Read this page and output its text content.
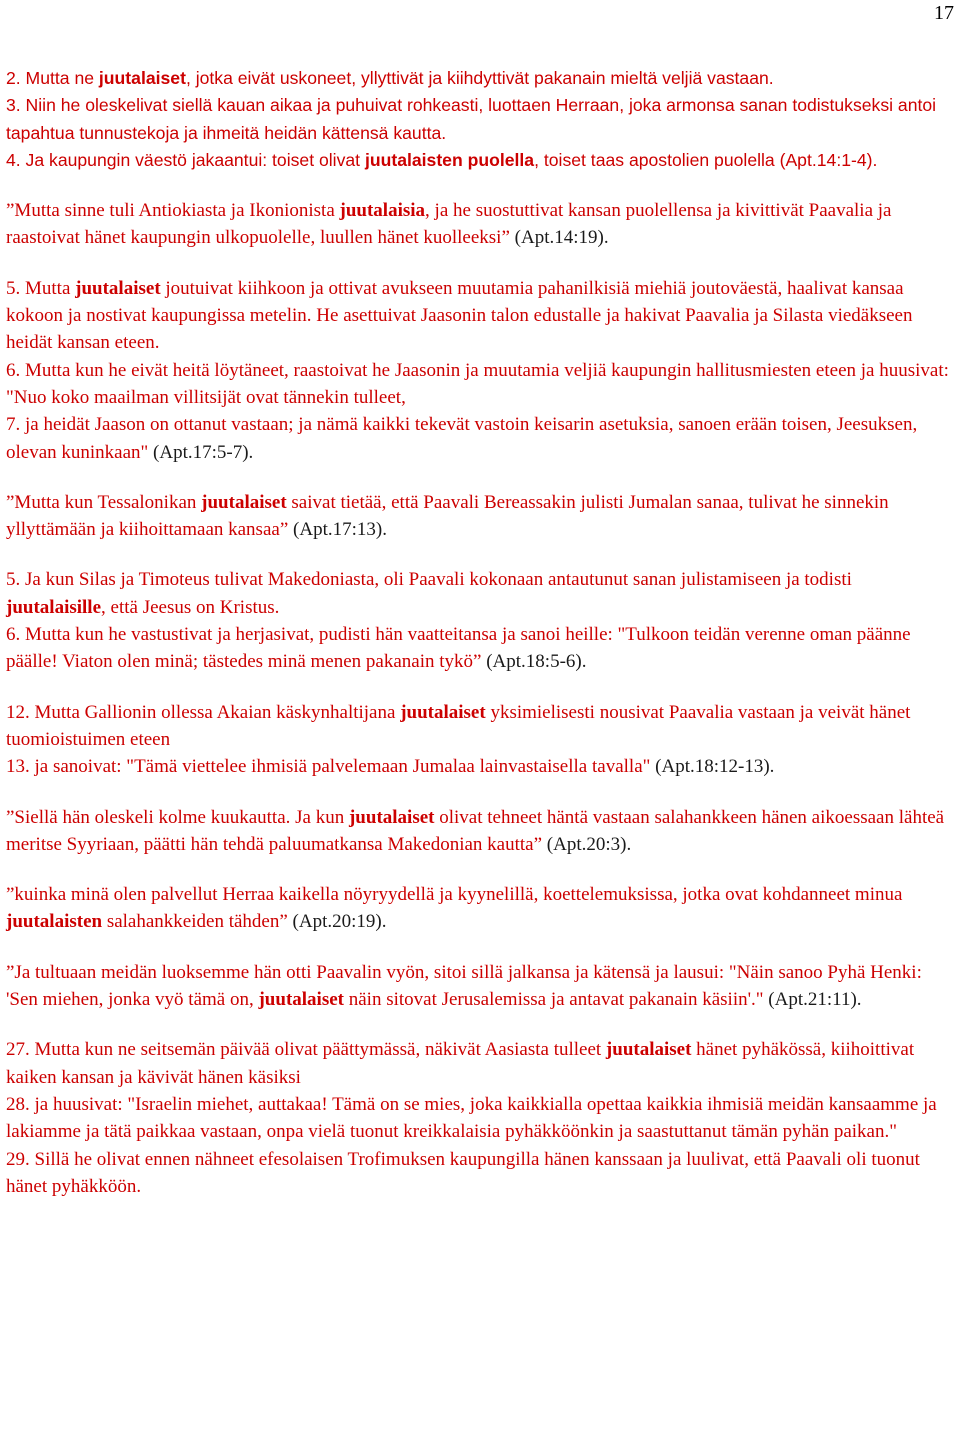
17

2. Mutta ne juutalaiset, jotka eivät uskoneet, yllyttivät ja kiihdyttivät pakanain mieltä veljiä vastaan.

3. Niin he oleskelivat siellä kauan aikaa ja puhuivat rohkeasti, luottaen Herraan, joka armonsa sanan todistukseksi antoi tapahtua tunnustekoja ja ihmeitä heidän kättensä kautta.

4. Ja kaupungin väestö jakaantui: toiset olivat juutalaisten puolella, toiset taas apostolien puolella (Apt.14:1-4).

”Mutta sinne tuli Antiokiasta ja Ikonionista juutalaisia, ja he suostuttivat kansan puolellensa ja kivittivät Paavalia ja raastoivat hänet kaupungin ulkopuolelle, luullen hänet kuolleeksi” (Apt.14:19).

5. Mutta juutalaiset joutuivat kiihkoon ja ottivat avukseen muutamia pahanilkisiä miehiä joutoväestä, haalivat kansaa kokoon ja nostivat kaupungissa metelin. He asettuivat Jaasonin talon edustalle ja hakivat Paavalia ja Silasta viedäkseen heidät kansan eteen.

6. Mutta kun he eivät heitä löytäneet, raastoivat he Jaasonin ja muutamia veljiä kaupungin hallitusmiesten eteen ja huusivat: "Nuo koko maailman villitsijät ovat tännekin tulleet,

7. ja heidät Jaason on ottanut vastaan; ja nämä kaikki tekevät vastoin keisarin asetuksia, sanoen erään toisen, Jeesuksen, olevan kuninkaan" (Apt.17:5-7).

”Mutta kun Tessalonikan juutalaiset saivat tietää, että Paavali Bereassakin julisti Jumalan sanaa, tulivat he sinnekin yllyttämään ja kiihoittamaan kansaa” (Apt.17:13).

5. Ja kun Silas ja Timoteus tulivat Makedoniasta, oli Paavali kokonaan antautunut sanan julistamiseen ja todisti juutalaisille, että Jeesus on Kristus.

6. Mutta kun he vastustivat ja herjasivat, pudisti hän vaatteitansa ja sanoi heille: "Tulkoon teidän verenne oman päänne päälle! Viaton olen minä; tästedes minä menen pakanain tykö” (Apt.18:5-6).

12. Mutta Gallionin ollessa Akaian käskynhaltijana juutalaiset yksimielisesti nousivat Paavalia vastaan ja veivät hänet tuomioistuimen eteen

13. ja sanoivat: "Tämä viettelee ihmisiä palvelemaan Jumalaa lainvastaisella tavalla" (Apt.18:12-13).

”Siellä hän oleskeli kolme kuukautta. Ja kun juutalaiset olivat tehneet häntä vastaan salahankkeen hänen aikoessaan lähteä meritse Syyriaan, päätti hän tehdä paluumatkansa Makedonian kautta” (Apt.20:3).

”kuinka minä olen palvellut Herraa kaikella nöyryydellä ja kyynelillä, koettelemuksissa, jotka ovat kohdanneet minua juutalaisten salahankkeiden tähden” (Apt.20:19).

”Ja tultuaan meidän luoksemme hän otti Paavalin vyön, sitoi sillä jalkansa ja kätensä ja lausui: "Näin sanoo Pyhä Henki: 'Sen miehen, jonka vyö tämä on, juutalaiset näin sitovat Jerusalemissa ja antavat pakanain käsiin'." (Apt.21:11).

27. Mutta kun ne seitsemän päivää olivat päättymässä, näkivät Aasiasta tulleet juutalaiset hänet pyhäkössä, kiihoittivat kaiken kansan ja kävivät hänen käsiksi

28. ja huusivat: "Israelin miehet, auttakaa! Tämä on se mies, joka kaikkialla opettaa kaikkia ihmisiä meidän kansaamme ja lakiamme ja tätä paikkaa vastaan, onpa vielä tuonut kreikkalaisia pyhäkköönkin ja saastuttanut tämän pyhän paikan."

29. Sillä he olivat ennen nähneet efesolaisen Trofimuksen kaupungilla hänen kanssaan ja luulivat, että Paavali oli tuonut hänet pyhäkköön.
